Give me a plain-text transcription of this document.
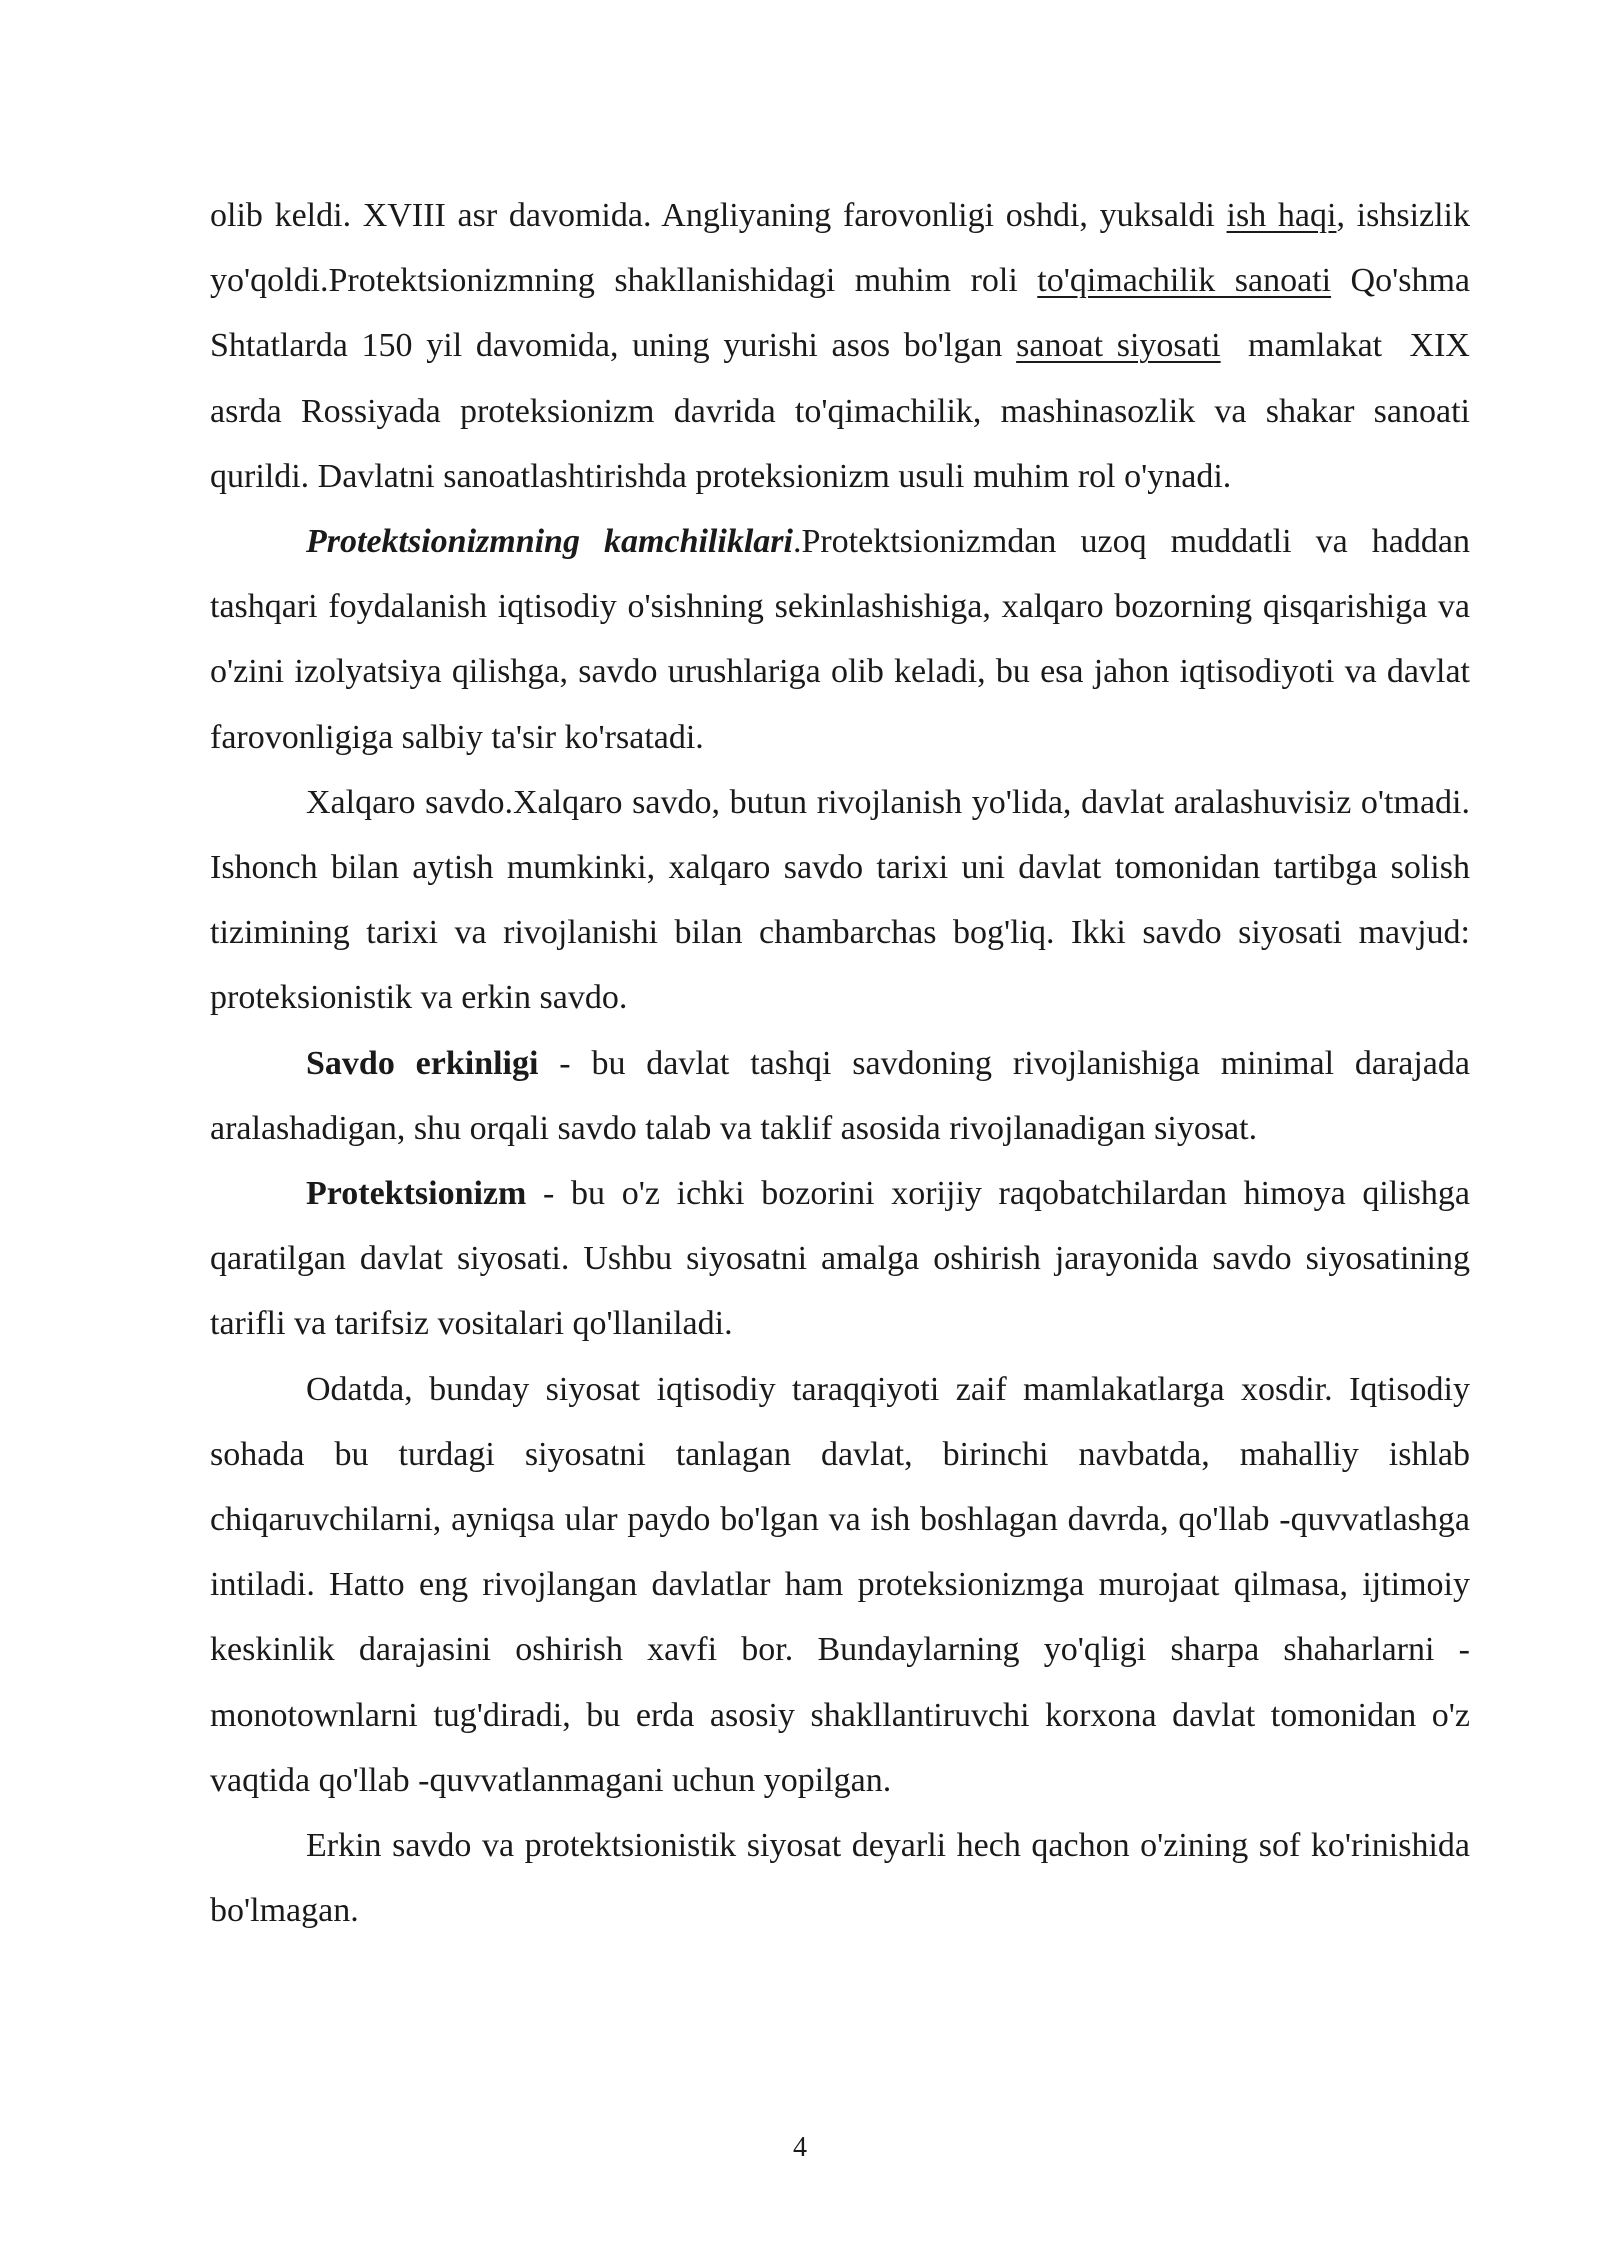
olib keldi. XVIII asr davomida. Angliyaning farovonligi oshdi, yuksaldi ish haqi, ishsizlik yo'qoldi.Protektsionizmning shakllanishidagi muhim roli to'qimachilik sanoati Qo'shma Shtatlarda 150 yil davomida, uning yurishi asos bo'lgan sanoat siyosati  mamlakat  XIX asrda Rossiyada proteksionizm davrida to'qimachilik, mashinasozlik va shakar sanoati qurildi. Davlatni sanoatlashtirishda proteksionizm usuli muhim rol o'ynadi.

Protektsionizmning kamchiliklari.Protektsionizmdan uzoq muddatli va haddan tashqari foydalanish iqtisodiy o'sishning sekinlashishiga, xalqaro bozorning qisqarishiga va o'zini izolyatsiya qilishga, savdo urushlariga olib keladi, bu esa jahon iqtisodiyoti va davlat farovonligiga salbiy ta'sir ko'rsatadi.

Xalqaro savdo.Xalqaro savdo, butun rivojlanish yo'lida, davlat aralashuvisiz o'tmadi. Ishonch bilan aytish mumkinki, xalqaro savdo tarixi uni davlat tomonidan tartibga solish tizimining tarixi va rivojlanishi bilan chambarchas bog'liq. Ikki savdo siyosati mavjud: proteksionistik va erkin savdo.

Savdo erkinligi - bu davlat tashqi savdoning rivojlanishiga minimal darajada aralashadigan, shu orqali savdo talab va taklif asosida rivojlanadigan siyosat.

Protektsionizm - bu o'z ichki bozorini xorijiy raqobatchilardan himoya qilishga qaratilgan davlat siyosati. Ushbu siyosatni amalga oshirish jarayonida savdo siyosatining tarifli va tarifsiz vositalari qo'llaniladi.

Odatda, bunday siyosat iqtisodiy taraqqiyoti zaif mamlakatlarga xosdir. Iqtisodiy sohada bu turdagi siyosatni tanlagan davlat, birinchi navbatda, mahalliy ishlab chiqaruvchilarni, ayniqsa ular paydo bo'lgan va ish boshlagan davrda, qo'llab -quvvatlashga intiladi. Hatto eng rivojlangan davlatlar ham proteksionizmga murojaat qilmasa, ijtimoiy keskinlik darajasini oshirish xavfi bor. Bundaylarning yo'qligi sharpa shaharlarni - monotownlarni tug'diradi, bu erda asosiy shakllantiruvchi korxona davlat tomonidan o'z vaqtida qo'llab -quvvatlanmagani uchun yopilgan.

Erkin savdo va protektsionistik siyosat deyarli hech qachon o'zining sof ko'rinishida bo'lmagan.

4
